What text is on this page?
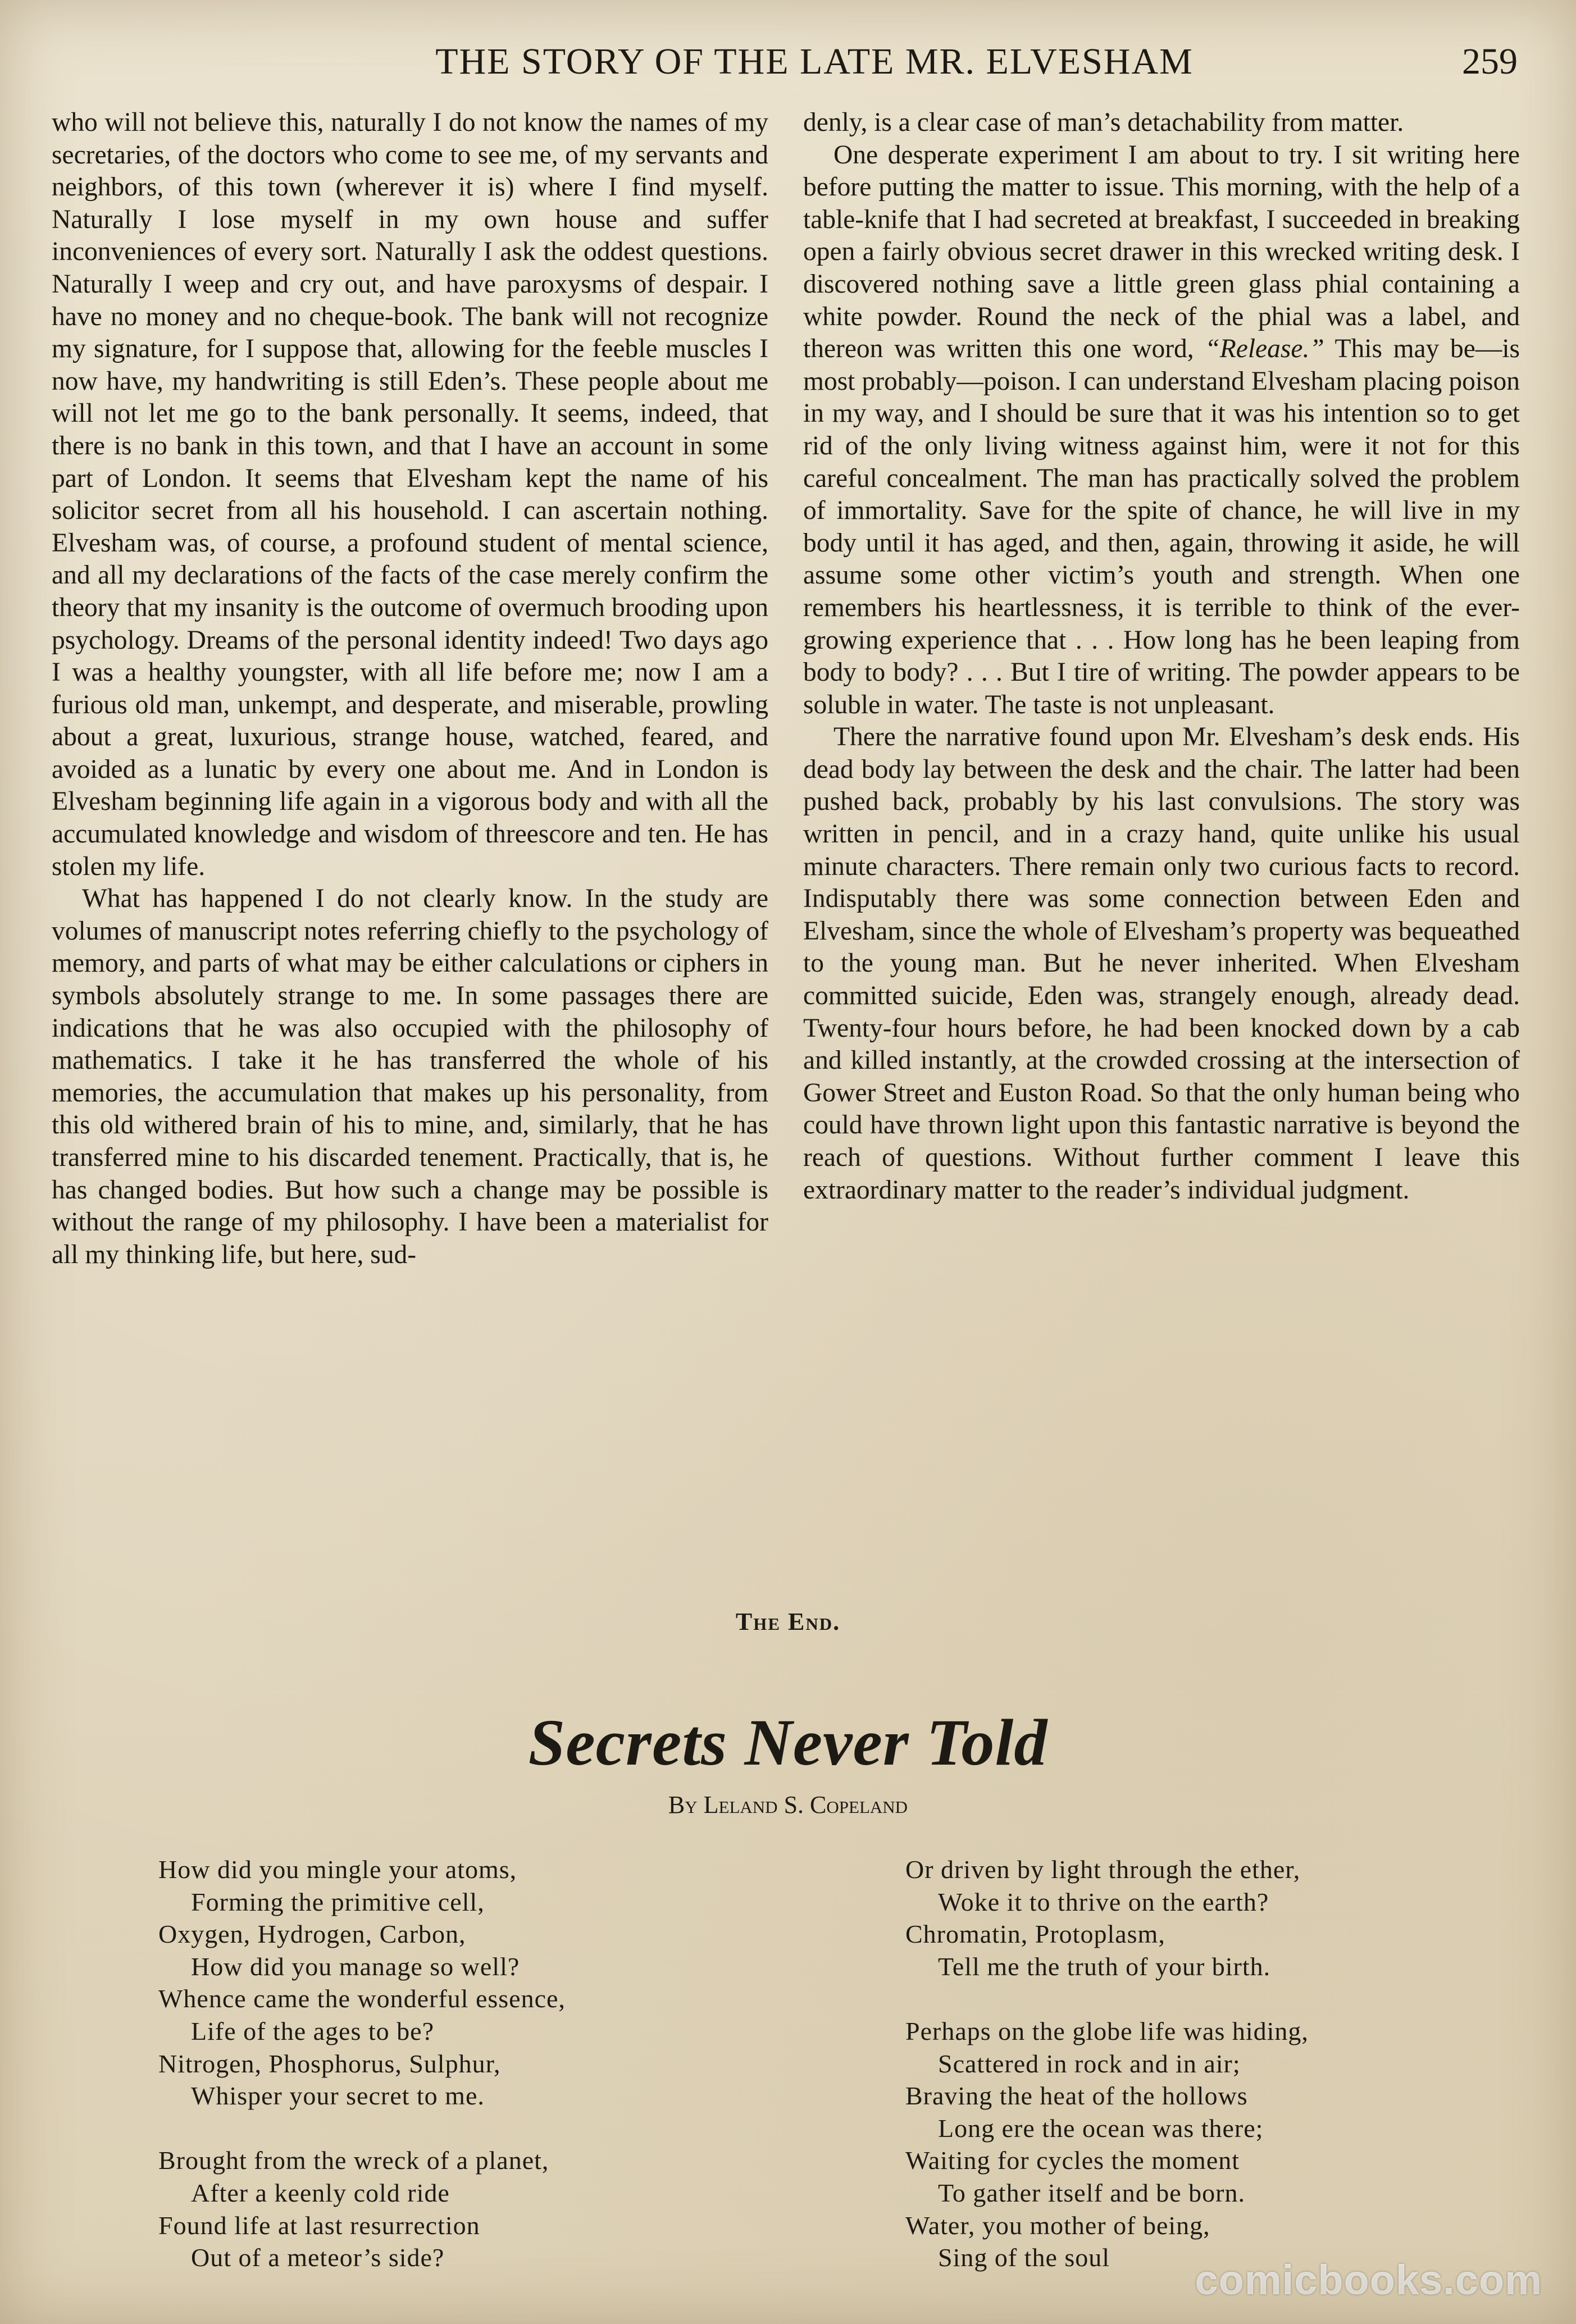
THE STORY OF THE LATE MR. ELVESHAM	259

who will not believe this, naturally I do not know the names of my secretaries, of the doctors who come to see me, of my servants and neighbors, of this town (wherever it is) where I find myself. Naturally I lose myself in my own house and suffer inconveniences of every sort. Naturally I ask the oddest questions. Naturally I weep and cry out, and have paroxysms of despair. I have no money and no cheque-book. The bank will not recognize my signature, for I suppose that, allowing for the feeble muscles I now have, my handwriting is still Eden’s. These people about me will not let me go to the bank personally. It seems, indeed, that there is no bank in this town, and that I have an account in some part of London. It seems that Elvesham kept the name of his solicitor secret from all his household. I can ascertain nothing. Elvesham was, of course, a profound student of mental science, and all my declarations of the facts of the case merely confirm the theory that my insanity is the outcome of overmuch brooding upon psychology. Dreams of the personal identity indeed! Two days ago I was a healthy youngster, with all life before me; now I am a furious old man, unkempt, and desperate, and miserable, prowling about a great, luxurious, strange house, watched, feared, and avoided as a lunatic by every one about me. And in London is Elvesham beginning life again in a vigorous body and with all the accumulated knowledge and wisdom of threescore and ten. He has stolen my life.

What has happened I do not clearly know. In the study are volumes of manuscript notes referring chiefly to the psychology of memory, and parts of what may be either calculations or ciphers in symbols absolutely strange to me. In some passages there are indications that he was also occupied with the philosophy of mathematics. I take it he has transferred the whole of his memories, the accumulation that makes up his personality, from this old withered brain of his to mine, and, similarly, that he has transferred mine to his discarded tenement. Practically, that is, he has changed bodies. But how such a change may be possible is without the range of my philosophy. I have been a materialist for all my thinking life, but here, sud-

denly, is a clear case of man’s detachability from matter.

One desperate experiment I am about to try. I sit writing here before putting the matter to issue. This morning, with the help of a table-knife that I had secreted at breakfast, I succeeded in breaking open a fairly obvious secret drawer in this wrecked writing desk. I discovered nothing save a little green glass phial containing a white powder. Round the neck of the phial was a label, and thereon was written this one word, “Release.” This may be—is most probably—poison. I can understand Elvesham placing poison in my way, and I should be sure that it was his intention so to get rid of the only living witness against him, were it not for this careful concealment. The man has practically solved the problem of immortality. Save for the spite of chance, he will live in my body until it has aged, and then, again, throwing it aside, he will assume some other victim’s youth and strength. When one remembers his heartlessness, it is terrible to think of the ever-growing experience that . . . How long has he been leaping from body to body? . . . But I tire of writing. The powder appears to be soluble in water. The taste is not unpleasant.

There the narrative found upon Mr. Elvesham’s desk ends. His dead body lay between the desk and the chair. The latter had been pushed back, probably by his last convulsions. The story was written in pencil, and in a crazy hand, quite unlike his usual minute characters. There remain only two curious facts to record. Indisputably there was some connection between Eden and Elvesham, since the whole of Elvesham’s property was bequeathed to the young man. But he never inherited. When Elvesham committed suicide, Eden was, strangely enough, already dead. Twenty-four hours before, he had been knocked down by a cab and killed instantly, at the crowded crossing at the intersection of Gower Street and Euston Road. So that the only human being who could have thrown light upon this fantastic narrative is beyond the reach of questions. Without further comment I leave this extraordinary matter to the reader’s individual judgment.

The End.
Secrets Never Told
By Leland S. Copeland
How did you mingle your atoms,
Forming the primitive cell,
Oxygen, Hydrogen, Carbon,
How did you manage so well?
Whence came the wonderful essence,
Life of the ages to be?
Nitrogen, Phosphorus, Sulphur,
Whisper your secret to me.
Brought from the wreck of a planet,
After a keenly cold ride
Found life at last resurrection
Out of a meteor’s side?
Or driven by light through the ether,
Woke it to thrive on the earth?
Chromatin, Protoplasm,
Tell me the truth of your birth.
Perhaps on the globe life was hiding,
Scattered in rock and in air;
Braving the heat of the hollows
Long ere the ocean was there;
Waiting for cycles the moment
To gather itself and be born.
Water, you mother of being,
Sing of the soul	comicbooks.com
